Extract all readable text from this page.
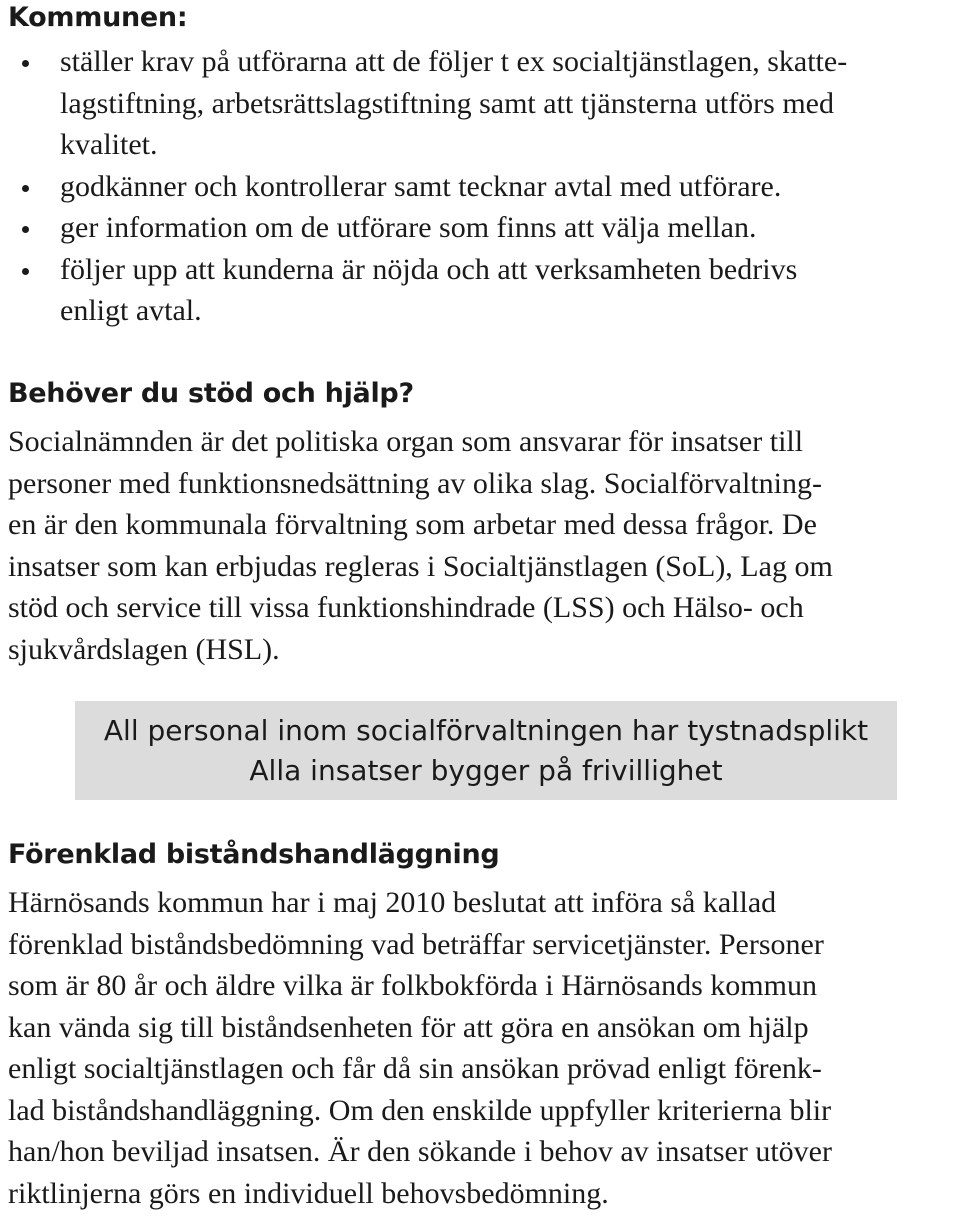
Kommunen:
ställer krav på utförarna att de följer t ex socialtjänstlagen, skatte-
lagstiftning, arbetsrättslagstiftning samt att tjänsterna utförs med
kvalitet.
godkänner och kontrollerar samt tecknar avtal med utförare.
ger information om de utförare som finns att välja mellan.
följer upp att kunderna är nöjda och att verksamheten bedrivs
enligt avtal.
Behöver du stöd och hjälp?
Socialnämnden är det politiska organ som ansvarar för insatser till
personer med funktionsnedsättning av olika slag. Socialförvaltning-
en är den kommunala förvaltning som arbetar med dessa frågor. De
insatser som kan erbjudas regleras i Socialtjänstlagen (SoL), Lag om
stöd och service till vissa funktionshindrade (LSS) och Hälso- och
sjukvårdslagen (HSL).
All personal inom socialförvaltningen har tystnadsplikt
Alla insatser bygger på frivillighet
Förenklad biståndshandläggning
Härnösands kommun har i maj 2010 beslutat att införa så kallad
förenklad biståndsbedömning vad beträffar servicetjänster. Personer
som är 80 år och äldre vilka är folkbokförda i Härnösands kommun
kan vända sig till biståndsenheten för att göra en ansökan om hjälp
enligt socialtjänstlagen och får då sin ansökan prövad enligt förenk-
lad biståndshandläggning. Om den enskilde uppfyller kriterierna blir
han/hon beviljad insatsen. Är den sökande i behov av insatser utöver
riktlinjerna görs en individuell behovsbedömning.
